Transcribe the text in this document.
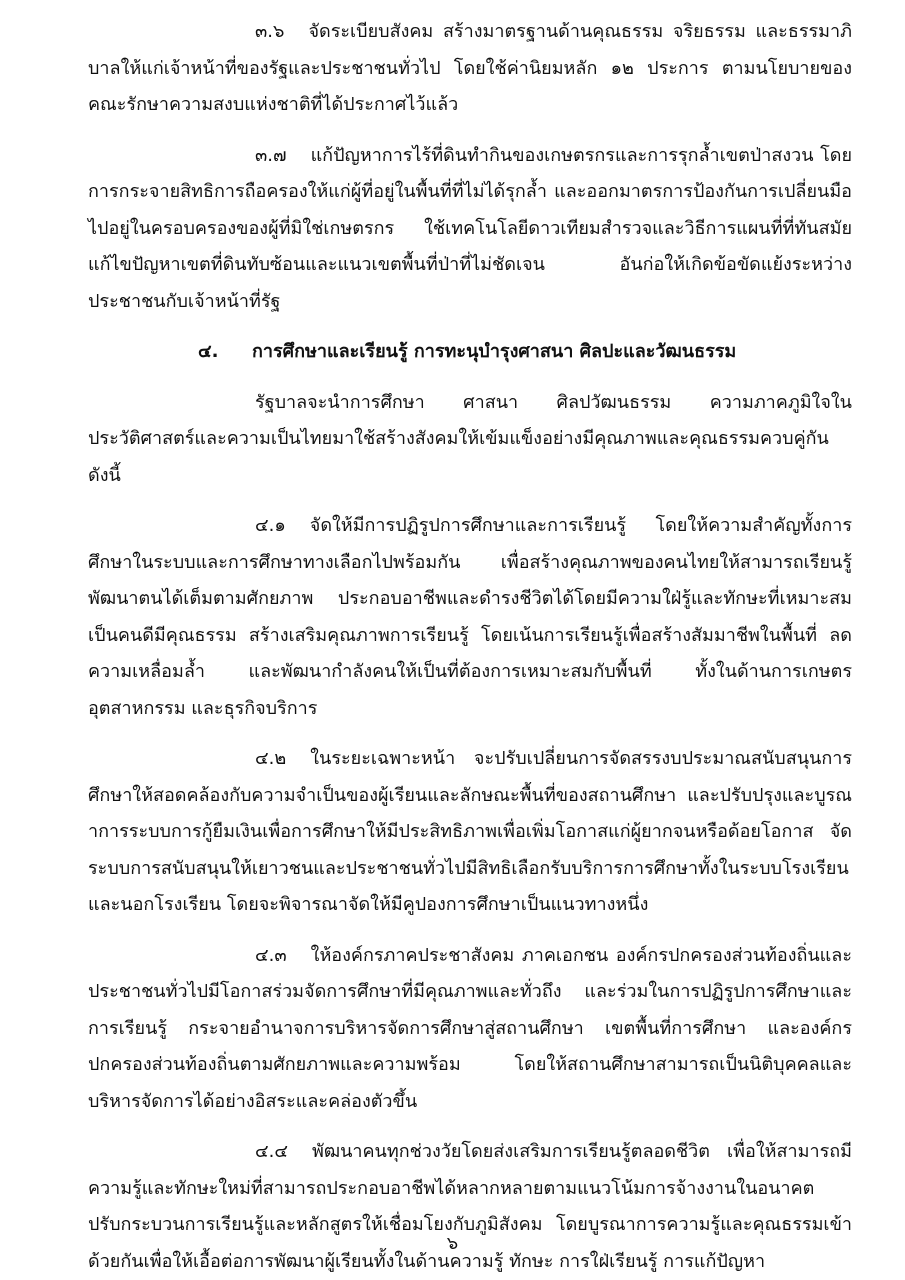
๓.๖ จัดระเบียบสังคม สร้างมาตรฐานด้านคุณธรรม จริยธรรม และธรรมาภิบาลให้แก่เจ้าหน้าที่ของรัฐและประชาชนทั่วไป โดยใช้ค่านิยมหลัก ๑๒ ประการ ตามนโยบายของคณะรักษาความสงบแห่งชาติที่ได้ประกาศไว้แล้ว

๓.๗ แก้ปัญหาการไร้ที่ดินทำกินของเกษตรกรและการรุกล้ำเขตป่าสงวน โดยการกระจายสิทธิการถือครองให้แก่ผู้ที่อยู่ในพื้นที่ที่ไม่ได้รุกล้ำ และออกมาตรการป้องกันการเปลี่ยนมือไปอยู่ในครอบครองของผู้ที่มิใช่เกษตรกร ใช้เทคโนโลยีดาวเทียมสำรวจและวิธีการแผนที่ที่ทันสมัย แก้ไขปัญหาเขตที่ดินทับซ้อนและแนวเขตพื้นที่ป่าที่ไม่ชัดเจน อันก่อให้เกิดข้อขัดแย้งระหว่างประชาชนกับเจ้าหน้าที่รัฐ

๔. การศึกษาและเรียนรู้ การทะนุบำรุงศาสนา ศิลปะและวัฒนธรรม

รัฐบาลจะนำการศึกษา ศาสนา ศิลปวัฒนธรรม ความภาคภูมิใจในประวัติศาสตร์และความเป็นไทยมาใช้สร้างสังคมให้เข้มแข็งอย่างมีคุณภาพและคุณธรรมควบคู่กันดังนี้

๔.๑ จัดให้มีการปฏิรูปการศึกษาและการเรียนรู้ โดยให้ความสำคัญทั้งการศึกษาในระบบและการศึกษาทางเลือกไปพร้อมกัน เพื่อสร้างคุณภาพของคนไทยให้สามารถเรียนรู้ พัฒนาตนได้เต็มตามศักยภาพ ประกอบอาชีพและดำรงชีวิตได้โดยมีความใฝ่รู้และทักษะที่เหมาะสม เป็นคนดีมีคุณธรรม สร้างเสริมคุณภาพการเรียนรู้ โดยเน้นการเรียนรู้เพื่อสร้างสัมมาชีพในพื้นที่ ลดความเหลื่อมล้ำ และพัฒนากำลังคนให้เป็นที่ต้องการเหมาะสมกับพื้นที่ ทั้งในด้านการเกษตร อุตสาหกรรม และธุรกิจบริการ

๔.๒ ในระยะเฉพาะหน้า จะปรับเปลี่ยนการจัดสรรงบประมาณสนับสนุนการศึกษาให้สอดคล้องกับความจำเป็นของผู้เรียนและลักษณะพื้นที่ของสถานศึกษา และปรับปรุงและบูรณาการระบบการกู้ยืมเงินเพื่อการศึกษาให้มีประสิทธิภาพเพื่อเพิ่มโอกาสแก่ผู้ยากจนหรือด้อยโอกาส จัดระบบการสนับสนุนให้เยาวชนและประชาชนทั่วไปมีสิทธิเลือกรับบริการการศึกษาทั้งในระบบโรงเรียนและนอกโรงเรียน โดยจะพิจารณาจัดให้มีคูปองการศึกษาเป็นแนวทางหนึ่ง

๔.๓ ให้องค์กรภาคประชาสังคม ภาคเอกชน องค์กรปกครองส่วนท้องถิ่นและประชาชนทั่วไปมีโอกาสร่วมจัดการศึกษาที่มีคุณภาพและทั่วถึง และร่วมในการปฏิรูปการศึกษาและการเรียนรู้ กระจายอำนาจการบริหารจัดการศึกษาสู่สถานศึกษา เขตพื้นที่การศึกษา และองค์กรปกครองส่วนท้องถิ่นตามศักยภาพและความพร้อม โดยให้สถานศึกษาสามารถเป็นนิติบุคคลและบริหารจัดการได้อย่างอิสระและคล่องตัวขึ้น

๔.๔ พัฒนาคนทุกช่วงวัยโดยส่งเสริมการเรียนรู้ตลอดชีวิต เพื่อให้สามารถมีความรู้และทักษะใหม่ที่สามารถประกอบอาชีพได้หลากหลายตามแนวโน้มการจ้างงานในอนาคต ปรับกระบวนการเรียนรู้และหลักสูตรให้เชื่อมโยงกับภูมิสังคม โดยบูรณาการความรู้และคุณธรรมเข้าด้วยกันเพื่อให้เอื้อต่อการพัฒนาผู้เรียนทั้งในด้านความรู้ ทักษะ การใฝ่เรียนรู้ การแก้ปัญหา

๖
